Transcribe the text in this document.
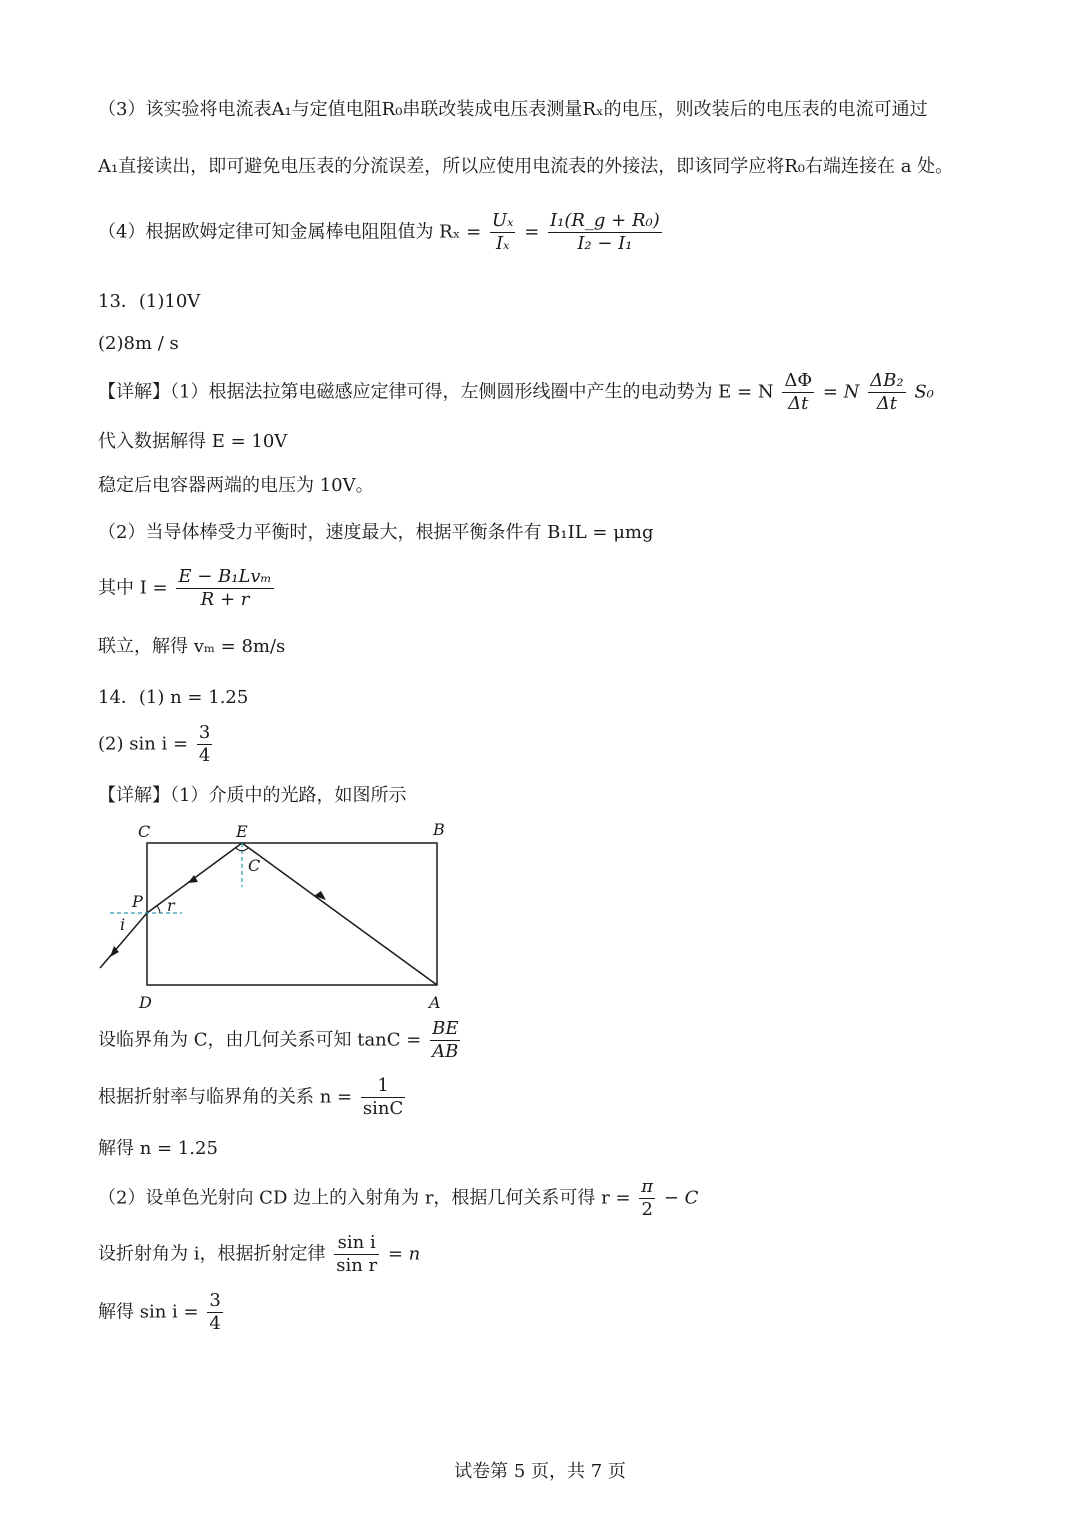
（3）该实验将电流表A₁与定值电阻R₀串联改装成电压表测量Rₓ的电压，则改装后的电压表的电流可通过
A₁直接读出，即可避免电压表的分流误差，所以应使用电流表的外接法，即该同学应将R₀右端连接在 a 处。
（4）根据欧姆定律可知金属棒电阻阻值为 $R_x = \frac{\text{Uₓ}}{\text{Iₓ}} = \frac{\text{I₁(R\_g + R₀)}}{\text{I₂ − I₁}}$
13．(1)10V
(2)8m / s
【详解】（1）根据法拉第电磁感应定律可得，左侧圆形线圈中产生的电动势为 E = N $\frac{\Delta\Phi}{\Delta t} = N \frac{\text{ΔB₂}}{\Delta t} S_0$
代入数据解得 E = 10V
稳定后电容器两端的电压为 10V。
（2）当导体棒受力平衡时，速度最大，根据平衡条件有 B₁IL = μmg
其中 $I = \frac{\text{E − B₁Lvₘ}}{R + r}$
联立，解得 vₘ = 8m/s
14．(1) n = 1.25
(2) $\sin i = \frac{3}{4}$
【详解】（1）介质中的光路，如图所示
C	E	B
C
P r
i
D	A
设临界角为 C，由几何关系可知 $\tan C = \frac{BE}{AB}$
根据折射率与临界角的关系 $n = \frac{1}{\sin C}$
解得 n = 1.25
（2）设单色光射向 CD 边上的入射角为 r，根据几何关系可得 $r = \frac{\pi}{2} - C$
设折射角为 i，根据折射定律 $\frac{\text{sin i}}{\text{sin r}} = n$
解得 $\sin i = \frac{3}{4}$
试卷第 5 页，共 7 页
